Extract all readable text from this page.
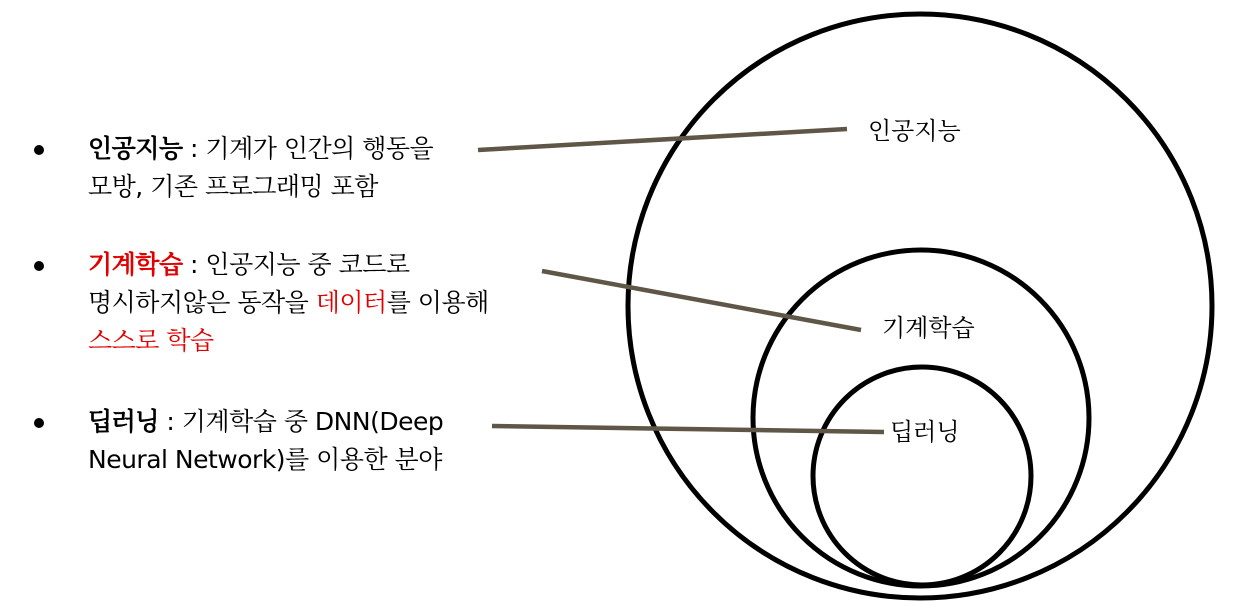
인공지능
기계학습
딥러닝
인공지능 : 기계가 인간의 행동을
모방, 기존 프로그래밍 포함
기계학습 : 인공지능 중 코드로
명시하지않은 동작을 데이터를 이용해
스스로 학습
딥러닝 : 기계학습 중 DNN(Deep
Neural Network)를 이용한 분야
